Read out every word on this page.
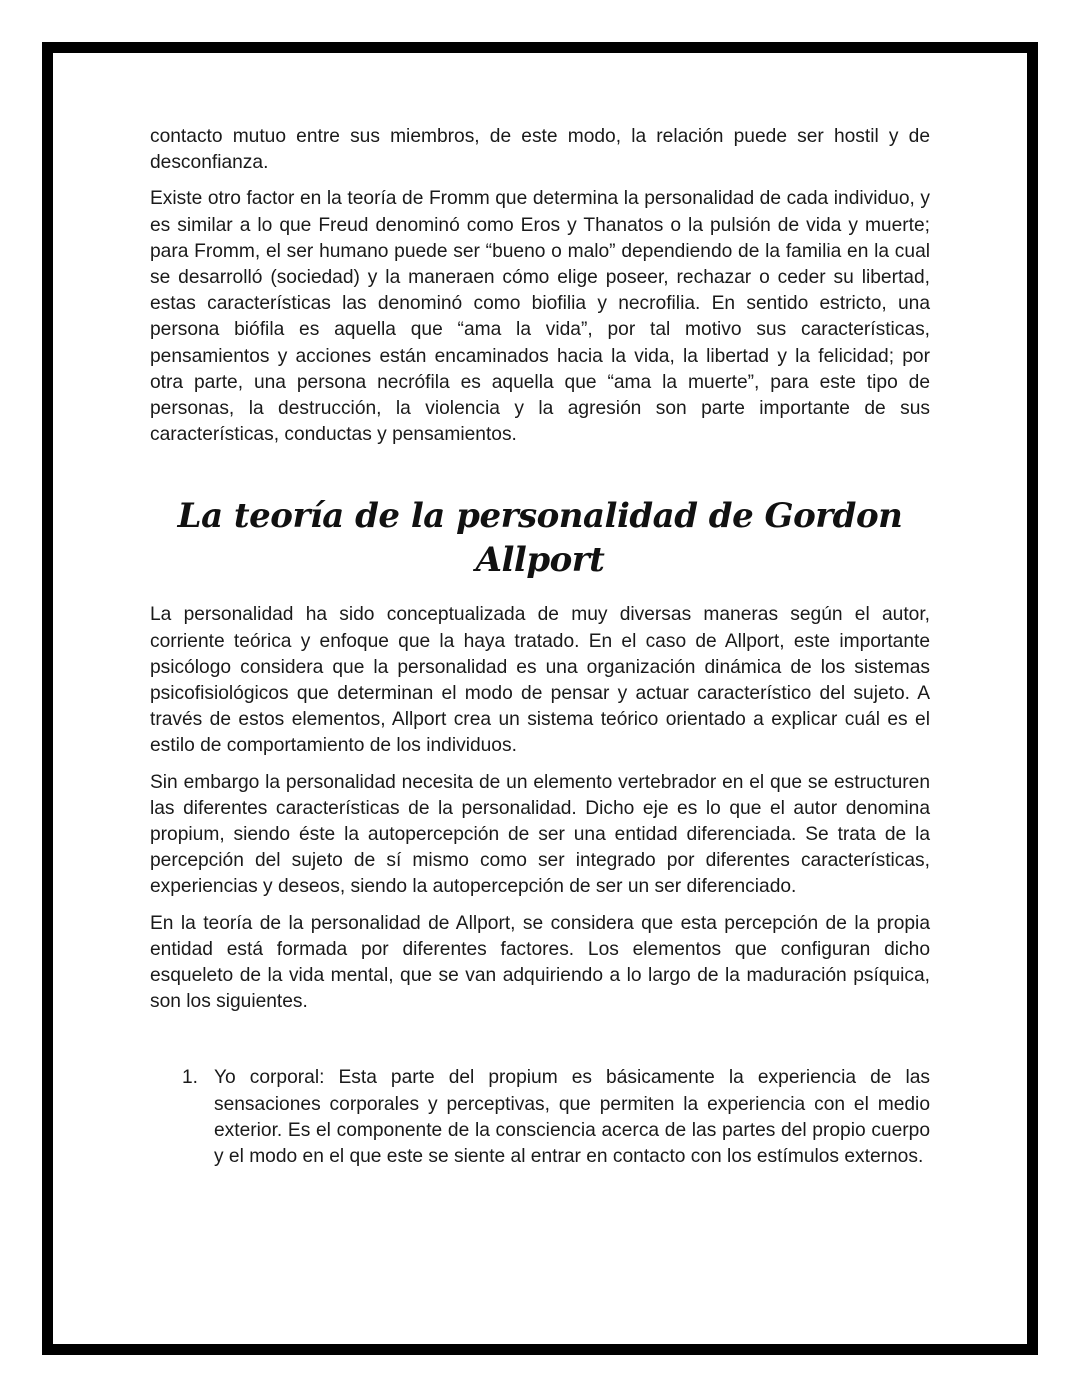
contacto mutuo entre sus miembros, de este modo, la relación puede ser hostil y de desconfianza.

Existe otro factor en la teoría de Fromm que determina la personalidad de cada individuo, y es similar a lo que Freud denominó como Eros y Thanatos o la pulsión de vida y muerte; para Fromm, el ser humano puede ser “bueno o malo” dependiendo de la familia en la cual se desarrolló (sociedad) y la maneraen cómo elige poseer, rechazar o ceder su libertad, estas características las denominó como biofilia y necrofilia. En sentido estricto, una persona biófila es aquella que “ama la vida”, por tal motivo sus características, pensamientos y acciones están encaminados hacia la vida, la libertad y la felicidad; por otra parte, una persona necrófila es aquella que “ama la muerte”, para este tipo de personas, la destrucción, la violencia y la agresión son parte importante de sus características, conductas y pensamientos.

La teoría de la personalidad de Gordon Allport

La personalidad ha sido conceptualizada de muy diversas maneras según el autor, corriente teórica y enfoque que la haya tratado. En el caso de Allport, este importante psicólogo considera que la personalidad es una organización dinámica de los sistemas psicofisiológicos que determinan el modo de pensar y actuar característico del sujeto. A través de estos elementos, Allport crea un sistema teórico orientado a explicar cuál es el estilo de comportamiento de los individuos.

Sin embargo la personalidad necesita de un elemento vertebrador en el que se estructuren las diferentes características de la personalidad. Dicho eje es lo que el autor denomina propium, siendo éste la autopercepción de ser una entidad diferenciada. Se trata de la percepción del sujeto de sí mismo como ser integrado por diferentes características, experiencias y deseos, siendo la autopercepción de ser un ser diferenciado.

En la teoría de la personalidad de Allport, se considera que esta percepción de la propia entidad está formada por diferentes factores. Los elementos que configuran dicho esqueleto de la vida mental, que se van adquiriendo a lo largo de la maduración psíquica, son los siguientes.

1. Yo corporal: Esta parte del propium es básicamente la experiencia de las sensaciones corporales y perceptivas, que permiten la experiencia con el medio exterior. Es el componente de la consciencia acerca de las partes del propio cuerpo y el modo en el que este se siente al entrar en contacto con los estímulos externos.
